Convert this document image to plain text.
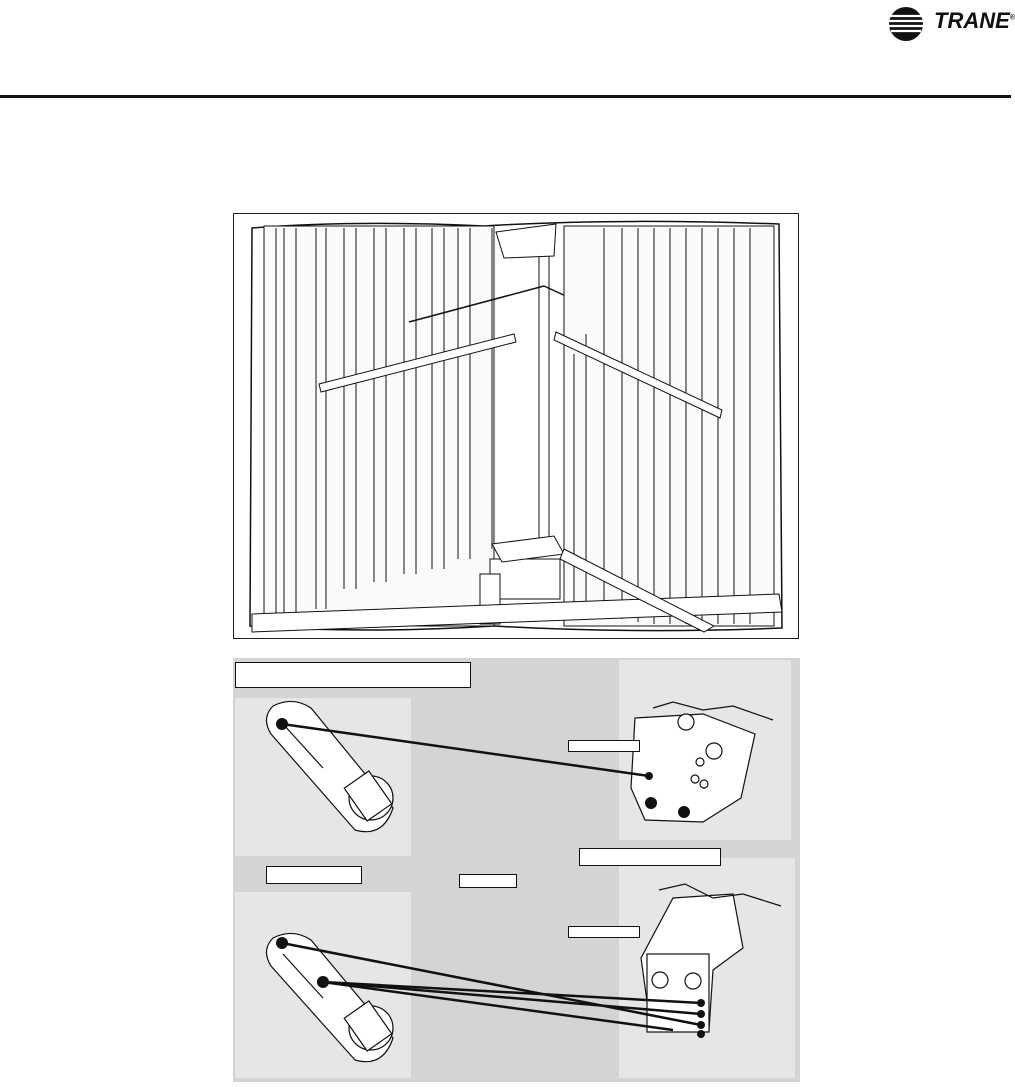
TRANE®
